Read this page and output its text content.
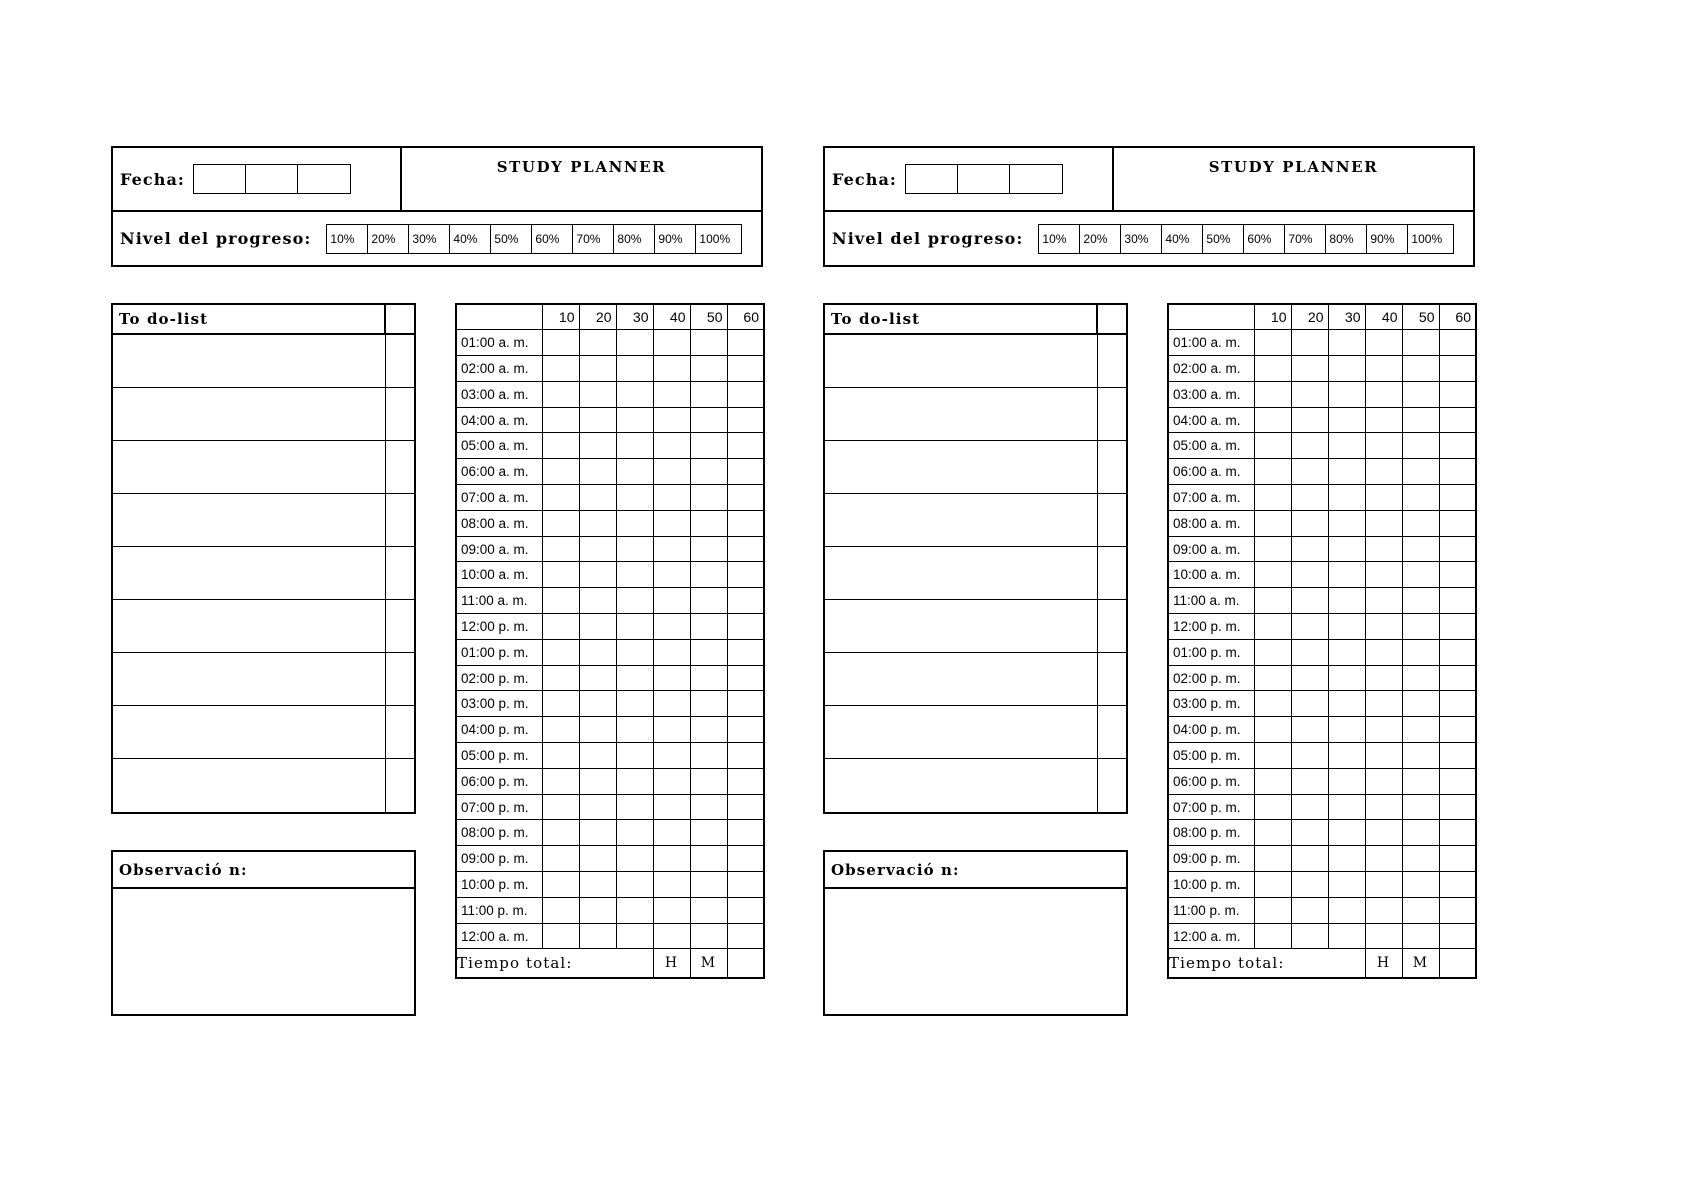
Fecha:
STUDY PLANNER
Nivel del progreso: 10%	20%	30%	40%	50%	60%	70%	80%	90%	100%
To do-list
Observació n:
	10	20	30	40	50	60
01:00 a. m.						
02:00 a. m.						
03:00 a. m.						
04:00 a. m.						
05:00 a. m.						
06:00 a. m.						
07:00 a. m.						
08:00 a. m.						
09:00 a. m.						
10:00 a. m.						
11:00 a. m.						
12:00 p. m.						
01:00 p. m.						
02:00 p. m.						
03:00 p. m.						
04:00 p. m.						
05:00 p. m.						
06:00 p. m.						
07:00 p. m.						
08:00 p. m.						
09:00 p. m.						
10:00 p. m.						
11:00 p. m.						
12:00 a. m.						
Tiempo total:				H	M	
Fecha:
STUDY PLANNER
Nivel del progreso: 10%	20%	30%	40%	50%	60%	70%	80%	90%	100%
To do-list
Observació n:
	10	20	30	40	50	60
01:00 a. m.						
02:00 a. m.						
03:00 a. m.						
04:00 a. m.						
05:00 a. m.						
06:00 a. m.						
07:00 a. m.						
08:00 a. m.						
09:00 a. m.						
10:00 a. m.						
11:00 a. m.						
12:00 p. m.						
01:00 p. m.						
02:00 p. m.						
03:00 p. m.						
04:00 p. m.						
05:00 p. m.						
06:00 p. m.						
07:00 p. m.						
08:00 p. m.						
09:00 p. m.						
10:00 p. m.						
11:00 p. m.						
12:00 a. m.						
Tiempo total:				H	M	
